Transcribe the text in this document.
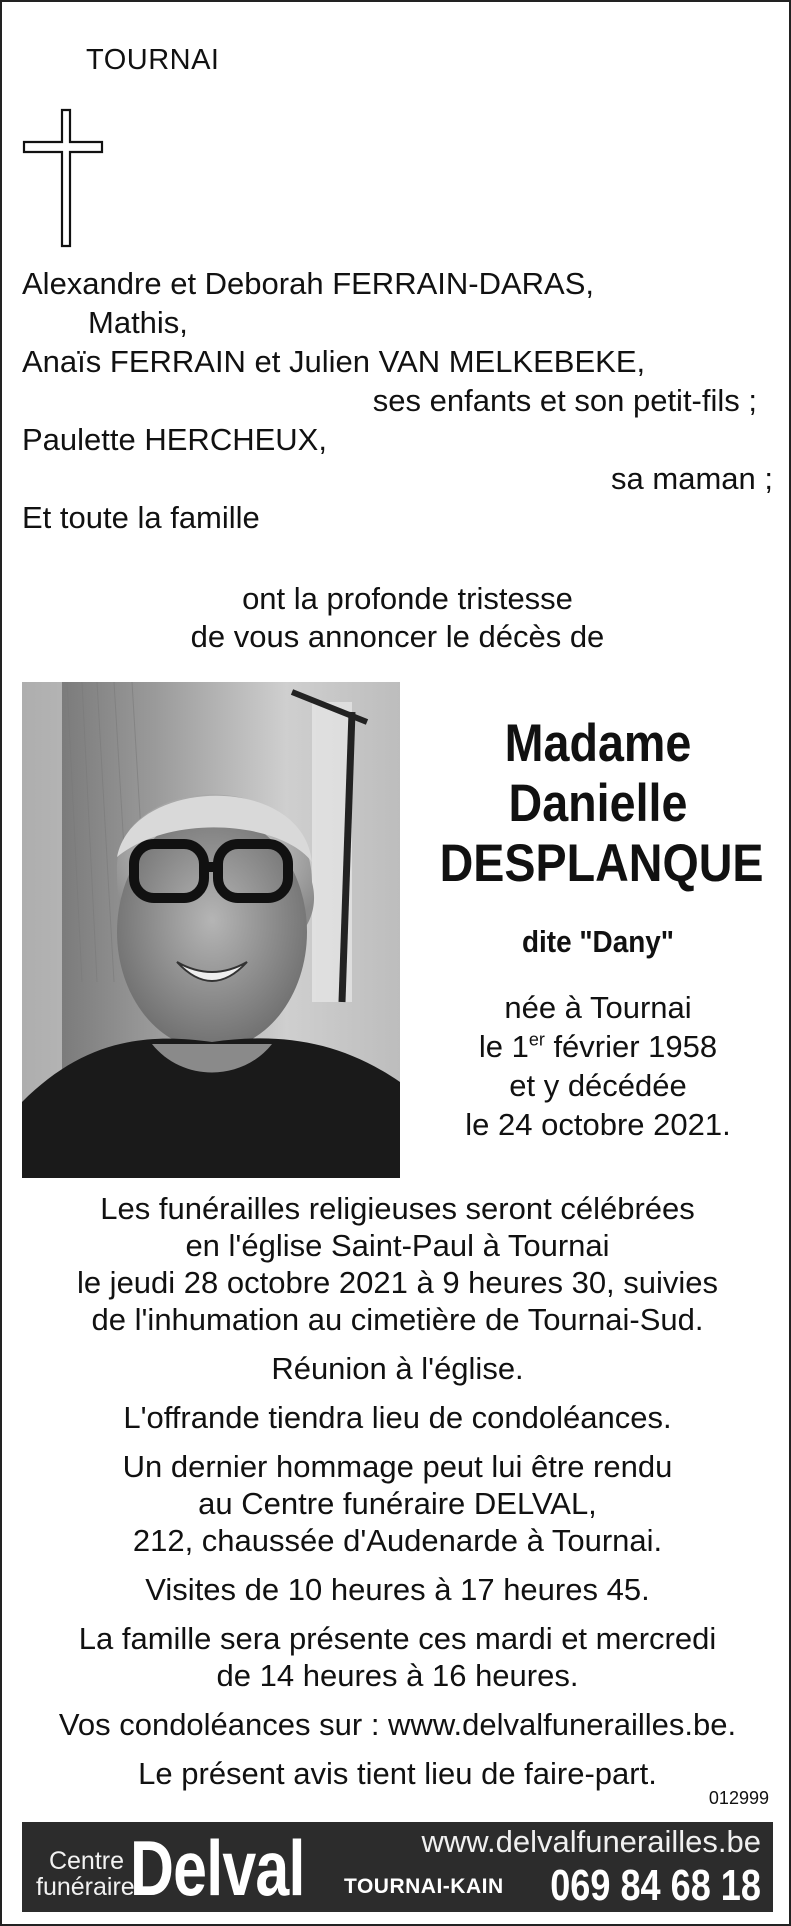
TOURNAI
Alexandre et Deborah FERRAIN-DARAS,
Mathis,
Anaïs FERRAIN et Julien VAN MELKEBEKE,
ses enfants et son petit-fils ;
Paulette HERCHEUX,
sa maman ;
Et toute la famille
ont la profonde tristesse
de vous annoncer le décès de
Madame
Danielle
DESPLANQUE
dite "Dany"
née à Tournai
le 1er février 1958
et y décédée
le 24 octobre 2021.

Les funérailles religieuses seront célébrées

en l'église Saint-Paul à Tournai

le jeudi 28 octobre 2021 à 9 heures 30, suivies

de l'inhumation au cimetière de Tournai-Sud.

Réunion à l'église.

L'offrande tiendra lieu de condoléances.

Un dernier hommage peut lui être rendu

au Centre funéraire DELVAL,

212, chaussée d'Audenarde à Tournai.

Visites de 10 heures à 17 heures 45.

La famille sera présente ces mardi et mercredi

de 14 heures à 16 heures.

Vos condoléances sur : www.delvalfunerailles.be.

Le présent avis tient lieu de faire-part.

012999
Centre
funéraire
Delval	www.delvalfunerailles.be
TOURNAI-KAIN 069 84 68 18
